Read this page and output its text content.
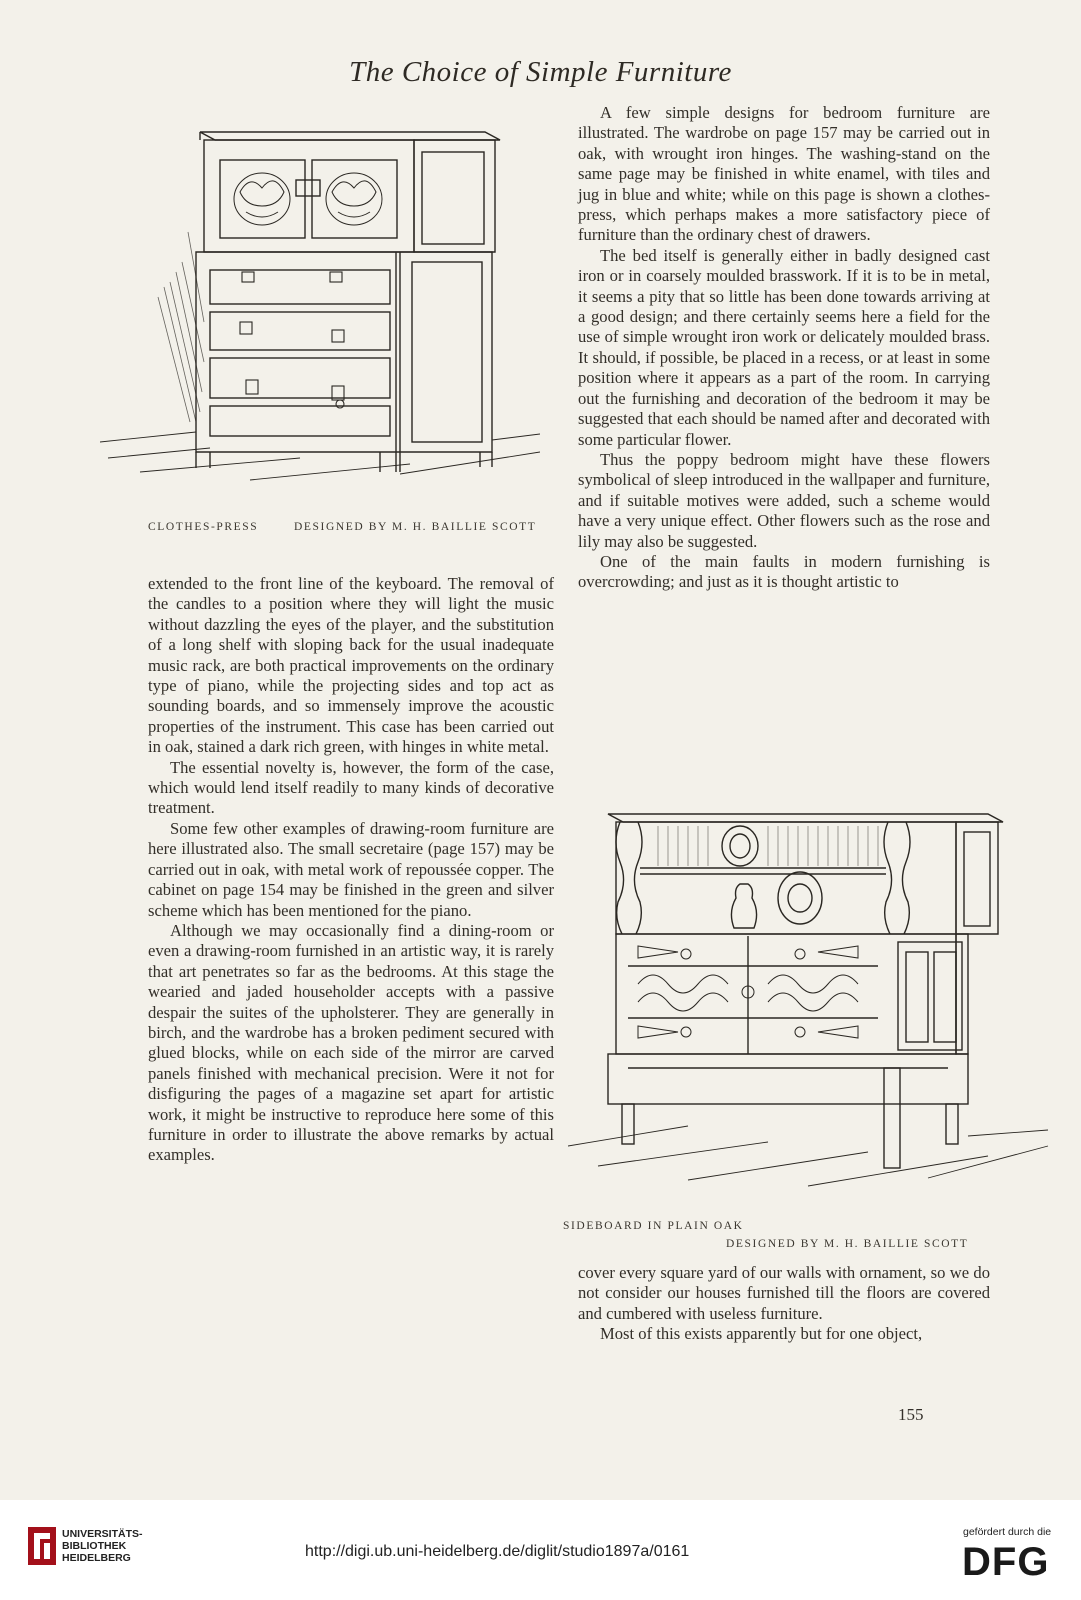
The Choice of Simple Furniture
CLOTHES-PRESS	DESIGNED BY M. H. BAILLIE SCOTT

extended to the front line of the keyboard. The removal of the candles to a position where they will light the music without dazzling the eyes of the player, and the substitution of a long shelf with sloping back for the usual inadequate music rack, are both practical improvements on the ordinary type of piano, while the projecting sides and top act as sounding boards, and so immensely improve the acoustic properties of the instrument. This case has been carried out in oak, stained a dark rich green, with hinges in white metal.

The essential novelty is, however, the form of the case, which would lend itself readily to many kinds of decorative treatment.

Some few other examples of drawing-room furniture are here illustrated also. The small secretaire (page 157) may be carried out in oak, with metal work of repoussée copper. The cabinet on page 154 may be finished in the green and silver scheme which has been mentioned for the piano.

Although we may occasionally find a dining-room or even a drawing-room furnished in an artistic way, it is rarely that art penetrates so far as the bedrooms. At this stage the wearied and jaded householder accepts with a passive despair the suites of the upholsterer. They are generally in birch, and the wardrobe has a broken pediment secured with glued blocks, while on each side of the mirror are carved panels finished with mechanical precision. Were it not for disfiguring the pages of a magazine set apart for artistic work, it might be instructive to reproduce here some of this furniture in order to illustrate the above remarks by actual examples.

A few simple designs for bedroom furniture are illustrated. The wardrobe on page 157 may be carried out in oak, with wrought iron hinges. The washing-stand on the same page may be finished in white enamel, with tiles and jug in blue and white; while on this page is shown a clothes-press, which perhaps makes a more satisfactory piece of furniture than the ordinary chest of drawers.

The bed itself is generally either in badly designed cast iron or in coarsely moulded brasswork. If it is to be in metal, it seems a pity that so little has been done towards arriving at a good design; and there certainly seems here a field for the use of simple wrought iron work or delicately moulded brass. It should, if possible, be placed in a recess, or at least in some position where it appears as a part of the room. In carrying out the furnishing and decoration of the bedroom it may be suggested that each should be named after and decorated with some particular flower.

Thus the poppy bedroom might have these flowers symbolical of sleep introduced in the wallpaper and furniture, and if suitable motives were added, such a scheme would have a very unique effect. Other flowers such as the rose and lily may also be suggested.

One of the main faults in modern furnishing is overcrowding; and just as it is thought artistic to

SIDEBOARD IN PLAIN OAK
DESIGNED BY M. H. BAILLIE SCOTT

cover every square yard of our walls with ornament, so we do not consider our houses furnished till the floors are covered and cumbered with useless furniture.

Most of this exists apparently but for one object,

155
UNIVERSITÄTS-
BIBLIOTHEK
HEIDELBERG	http://digi.ub.uni-heidelberg.de/diglit/studio1897a/0161
gefördert durch die
DFG
